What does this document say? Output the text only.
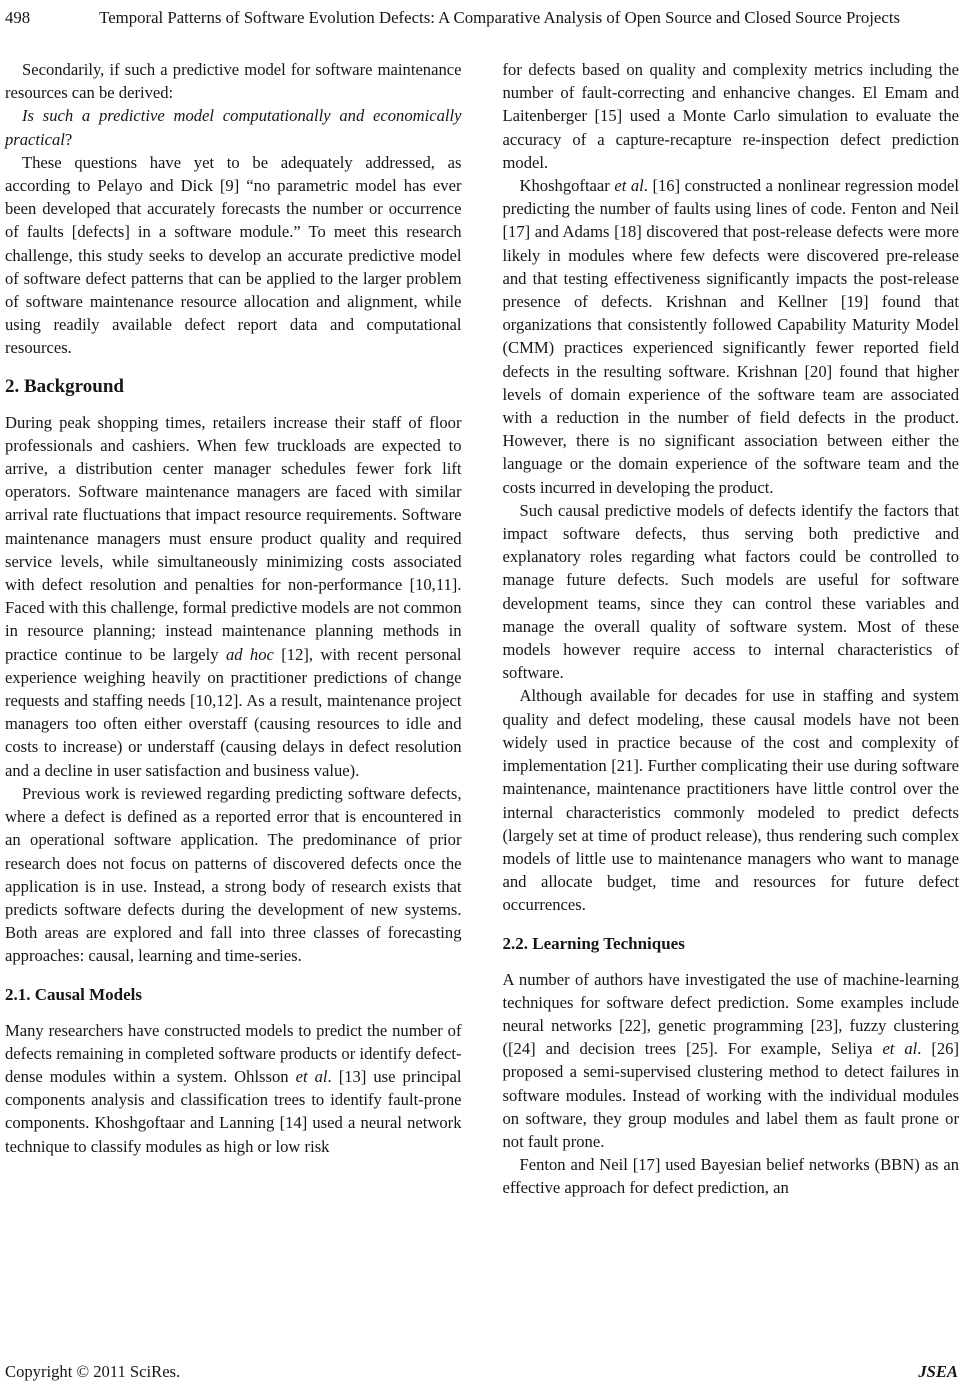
498	Temporal Patterns of Software Evolution Defects: A Comparative Analysis of Open Source and Closed Source Projects

Secondarily, if such a predictive model for software maintenance resources can be derived:

Is such a predictive model computationally and economically practical?

These questions have yet to be adequately addressed, as according to Pelayo and Dick [9] “no parametric model has ever been developed that accurately forecasts the number or occurrence of faults [defects] in a software module.” To meet this research challenge, this study seeks to develop an accurate predictive model of software defect patterns that can be applied to the larger problem of software maintenance resource allocation and alignment, while using readily available defect report data and computational resources.

2. Background

During peak shopping times, retailers increase their staff of floor professionals and cashiers. When few truckloads are expected to arrive, a distribution center manager schedules fewer fork lift operators. Software maintenance managers are faced with similar arrival rate fluctuations that impact resource requirements. Software maintenance managers must ensure product quality and required service levels, while simultaneously minimizing costs associated with defect resolution and penalties for non-performance [10,11]. Faced with this challenge, formal predictive models are not common in resource planning; instead maintenance planning methods in practice continue to be largely ad hoc [12], with recent personal experience weighing heavily on practitioner predictions of change requests and staffing needs [10,12]. As a result, maintenance project managers too often either overstaff (causing resources to idle and costs to increase) or understaff (causing delays in defect resolution and a decline in user satisfaction and business value).

Previous work is reviewed regarding predicting software defects, where a defect is defined as a reported error that is encountered in an operational software application. The predominance of prior research does not focus on patterns of discovered defects once the application is in use. Instead, a strong body of research exists that predicts software defects during the development of new systems. Both areas are explored and fall into three classes of forecasting approaches: causal, learning and time-series.

2.1. Causal Models

Many researchers have constructed models to predict the number of defects remaining in completed software products or identify defect-dense modules within a system. Ohlsson et al. [13] use principal components analysis and classification trees to identify fault-prone components. Khoshgoftaar and Lanning [14] used a neural network technique to classify modules as high or low risk

for defects based on quality and complexity metrics including the number of fault-correcting and enhancive changes. El Emam and Laitenberger [15] used a Monte Carlo simulation to evaluate the accuracy of a capture-recapture re-inspection defect prediction model.

Khoshgoftaar et al. [16] constructed a nonlinear regression model predicting the number of faults using lines of code. Fenton and Neil [17] and Adams [18] discovered that post-release defects were more likely in modules where few defects were discovered pre-release and that testing effectiveness significantly impacts the post-release presence of defects. Krishnan and Kellner [19] found that organizations that consistently followed Capability Maturity Model (CMM) practices experienced significantly fewer reported field defects in the resulting software. Krishnan [20] found that higher levels of domain experience of the software team are associated with a reduction in the number of field defects in the product. However, there is no significant association between either the language or the domain experience of the software team and the costs incurred in developing the product.

Such causal predictive models of defects identify the factors that impact software defects, thus serving both predictive and explanatory roles regarding what factors could be controlled to manage future defects. Such models are useful for software development teams, since they can control these variables and manage the overall quality of software system. Most of these models however require access to internal characteristics of software.

Although available for decades for use in staffing and system quality and defect modeling, these causal models have not been widely used in practice because of the cost and complexity of implementation [21]. Further complicating their use during software maintenance, maintenance practitioners have little control over the internal characteristics commonly modeled to predict defects (largely set at time of product release), thus rendering such complex models of little use to maintenance managers who want to manage and allocate budget, time and resources for future defect occurrences.

2.2. Learning Techniques

A number of authors have investigated the use of machine-learning techniques for software defect prediction. Some examples include neural networks [22], genetic programming [23], fuzzy clustering ([24] and decision trees [25]. For example, Seliya et al. [26] proposed a semi-supervised clustering method to detect failures in software modules. Instead of working with the individual modules on software, they group modules and label them as fault prone or not fault prone.

Fenton and Neil [17] used Bayesian belief networks (BBN) as an effective approach for defect prediction, an

Copyright © 2011 SciRes.	JSEA
